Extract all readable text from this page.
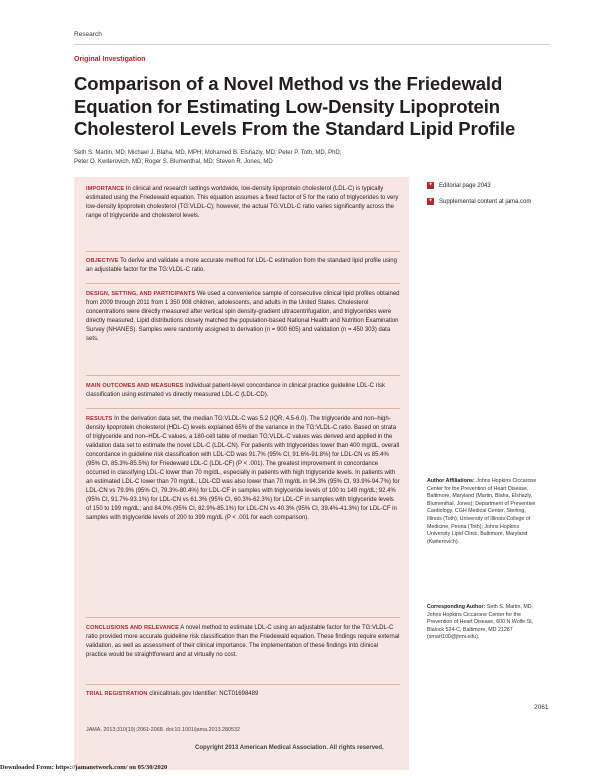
Research
Original Investigation
Comparison of a Novel Method vs the Friedewald Equation for Estimating Low-Density Lipoprotein Cholesterol Levels From the Standard Lipid Profile
Seth S. Martin, MD; Michael J. Blaha, MD, MPH; Mohamed B. Elshazly, MD; Peter P. Toth, MD, PhD;
Peter O. Kwiterovich, MD; Roger S. Blumenthal, MD; Steven R. Jones, MD
IMPORTANCE In clinical and research settings worldwide, low-density lipoprotein cholesterol (LDL-C) is typically estimated using the Friedewald equation. This equation assumes a fixed factor of 5 for the ratio of triglycerides to very low-density lipoprotein cholesterol (TG:VLDL-C); however, the actual TG:VLDL-C ratio varies significantly across the range of triglyceride and cholesterol levels.
OBJECTIVE To derive and validate a more accurate method for LDL-C estimation from the standard lipid profile using an adjustable factor for the TG:VLDL-C ratio.
DESIGN, SETTING, AND PARTICIPANTS We used a convenience sample of consecutive clinical lipid profiles obtained from 2009 through 2011 from 1 350 908 children, adolescents, and adults in the United States. Cholesterol concentrations were directly measured after vertical spin density-gradient ultracentrifugation, and triglycerides were directly measured. Lipid distributions closely matched the population-based National Health and Nutrition Examination Survey (NHANES). Samples were randomly assigned to derivation (n = 900 605) and validation (n = 450 303) data sets.
MAIN OUTCOMES AND MEASURES Individual patient-level concordance in clinical practice guideline LDL-C risk classification using estimated vs directly measured LDL-C (LDL-CD).
RESULTS In the derivation data set, the median TG:VLDL-C was 5.2 (IQR, 4.5-6.0). The triglyceride and non–high-density lipoprotein cholesterol (HDL-C) levels explained 65% of the variance in the TG:VLDL-C ratio. Based on strata of triglyceride and non–HDL-C values, a 180-cell table of median TG:VLDL-C values was derived and applied in the validation data set to estimate the novel LDL-C (LDL-CN). For patients with triglycerides lower than 400 mg/dL, overall concordance in guideline risk classification with LDL-CD was 91.7% (95% CI, 91.6%-91.8%) for LDL-CN vs 85.4% (95% CI, 85.3%-85.5%) for Friedewald LDL-C (LDL-CF) (P < .001). The greatest improvement in concordance occurred in classifying LDL-C lower than 70 mg/dL, especially in patients with high triglyceride levels. In patients with an estimated LDL-C lower than 70 mg/dL, LDL-CD was also lower than 70 mg/dL in 94.3% (95% CI, 93.9%-94.7%) for LDL-CN vs 79.9% (95% CI, 79.3%-80.4%) for LDL-CF in samples with triglyceride levels of 100 to 149 mg/dL; 92.4% (95% CI, 91.7%-93.1%) for LDL-CN vs 61.3% (95% CI, 60.3%-62.3%) for LDL-CF in samples with triglyceride levels of 150 to 199 mg/dL; and 84.0% (95% CI, 82.9%-85.1%) for LDL-CN vs 40.3% (95% CI, 39.4%-41.3%) for LDL-CF in samples with triglyceride levels of 200 to 399 mg/dL (P < .001 for each comparison).
CONCLUSIONS AND RELEVANCE A novel method to estimate LDL-C using an adjustable factor for the TG:VLDL-C ratio provided more accurate guideline risk classification than the Friedewald equation. These findings require external validation, as well as assessment of their clinical importance. The implementation of these findings into clinical practice would be straightforward and at virtually no cost.
TRIAL REGISTRATION clinicaltrials.gov Identifier: NCT01698489
JAMA. 2013;310(19):2061-2068. doi:10.1001/jama.2013.280532
+ Editorial page 2043
+ Supplemental content at jama.com
Author Affiliations: Johns Hopkins Ciccarone Center for the Prevention of Heart Disease, Baltimore, Maryland (Martin, Blaha, Elshazly, Blumenthal, Jones); Department of Preventive Cardiology, CGH Medical Center, Sterling, Illinois (Toth); University of Illinois College of Medicine, Peoria (Toth); Johns Hopkins University Lipid Clinic, Baltimore, Maryland (Kwiterovich).
Corresponding Author: Seth S. Martin, MD, Johns Hopkins Ciccarone Center for the Prevention of Heart Disease, 600 N Wolfe St, Blalock 524-C, Baltimore, MD 21287 (smart100@jhmi.edu).
2061
Copyright 2013 American Medical Association. All rights reserved.
Downloaded From: https://jamanetwork.com/ on 05/30/2020
